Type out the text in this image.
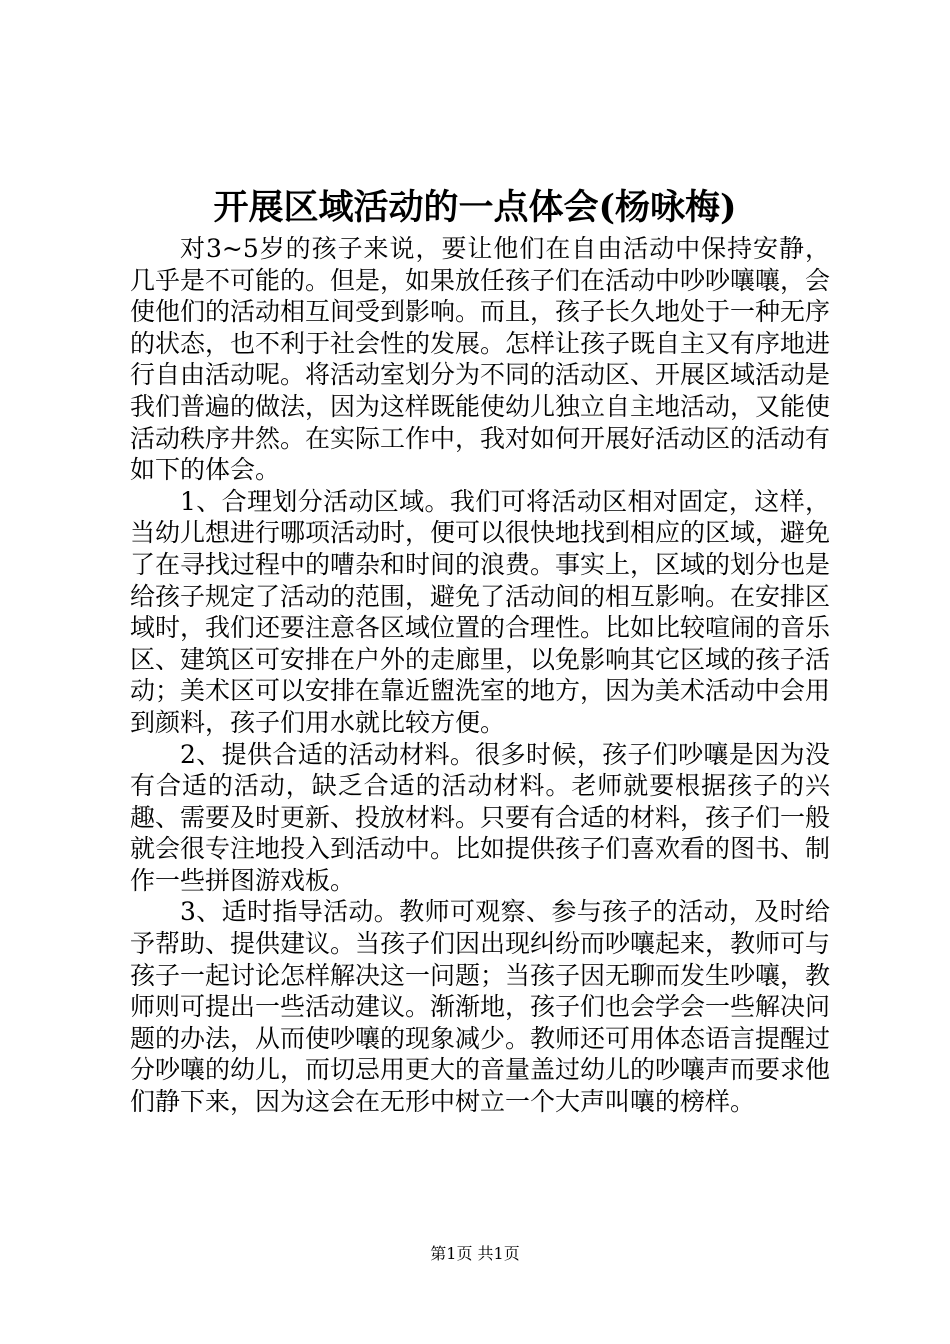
开展区域活动的一点体会(杨咏梅)

对3~5岁的孩子来说，要让他们在自由活动中保持安静，几乎是不可能的。但是，如果放任孩子们在活动中吵吵嚷嚷，会使他们的活动相互间受到影响。而且，孩子长久地处于一种无序的状态，也不利于社会性的发展。怎样让孩子既自主又有序地进行自由活动呢。将活动室划分为不同的活动区、开展区域活动是我们普遍的做法，因为这样既能使幼儿独立自主地活动，又能使活动秩序井然。在实际工作中，我对如何开展好活动区的活动有如下的体会。

1、合理划分活动区域。我们可将活动区相对固定，这样，当幼儿想进行哪项活动时，便可以很快地找到相应的区域，避免了在寻找过程中的嘈杂和时间的浪费。事实上，区域的划分也是给孩子规定了活动的范围，避免了活动间的相互影响。在安排区域时，我们还要注意各区域位置的合理性。比如比较喧闹的音乐区、建筑区可安排在户外的走廊里，以免影响其它区域的孩子活动；美术区可以安排在靠近盥洗室的地方，因为美术活动中会用到颜料，孩子们用水就比较方便。

2、提供合适的活动材料。很多时候，孩子们吵嚷是因为没有合适的活动，缺乏合适的活动材料。老师就要根据孩子的兴趣、需要及时更新、投放材料。只要有合适的材料，孩子们一般就会很专注地投入到活动中。比如提供孩子们喜欢看的图书、制作一些拼图游戏板。

3、适时指导活动。教师可观察、参与孩子的活动，及时给予帮助、提供建议。当孩子们因出现纠纷而吵嚷起来，教师可与孩子一起讨论怎样解决这一问题；当孩子因无聊而发生吵嚷，教师则可提出一些活动建议。渐渐地，孩子们也会学会一些解决问题的办法，从而使吵嚷的现象减少。教师还可用体态语言提醒过分吵嚷的幼儿，而切忌用更大的音量盖过幼儿的吵嚷声而要求他们静下来，因为这会在无形中树立一个大声叫嚷的榜样。

第1页 共1页
